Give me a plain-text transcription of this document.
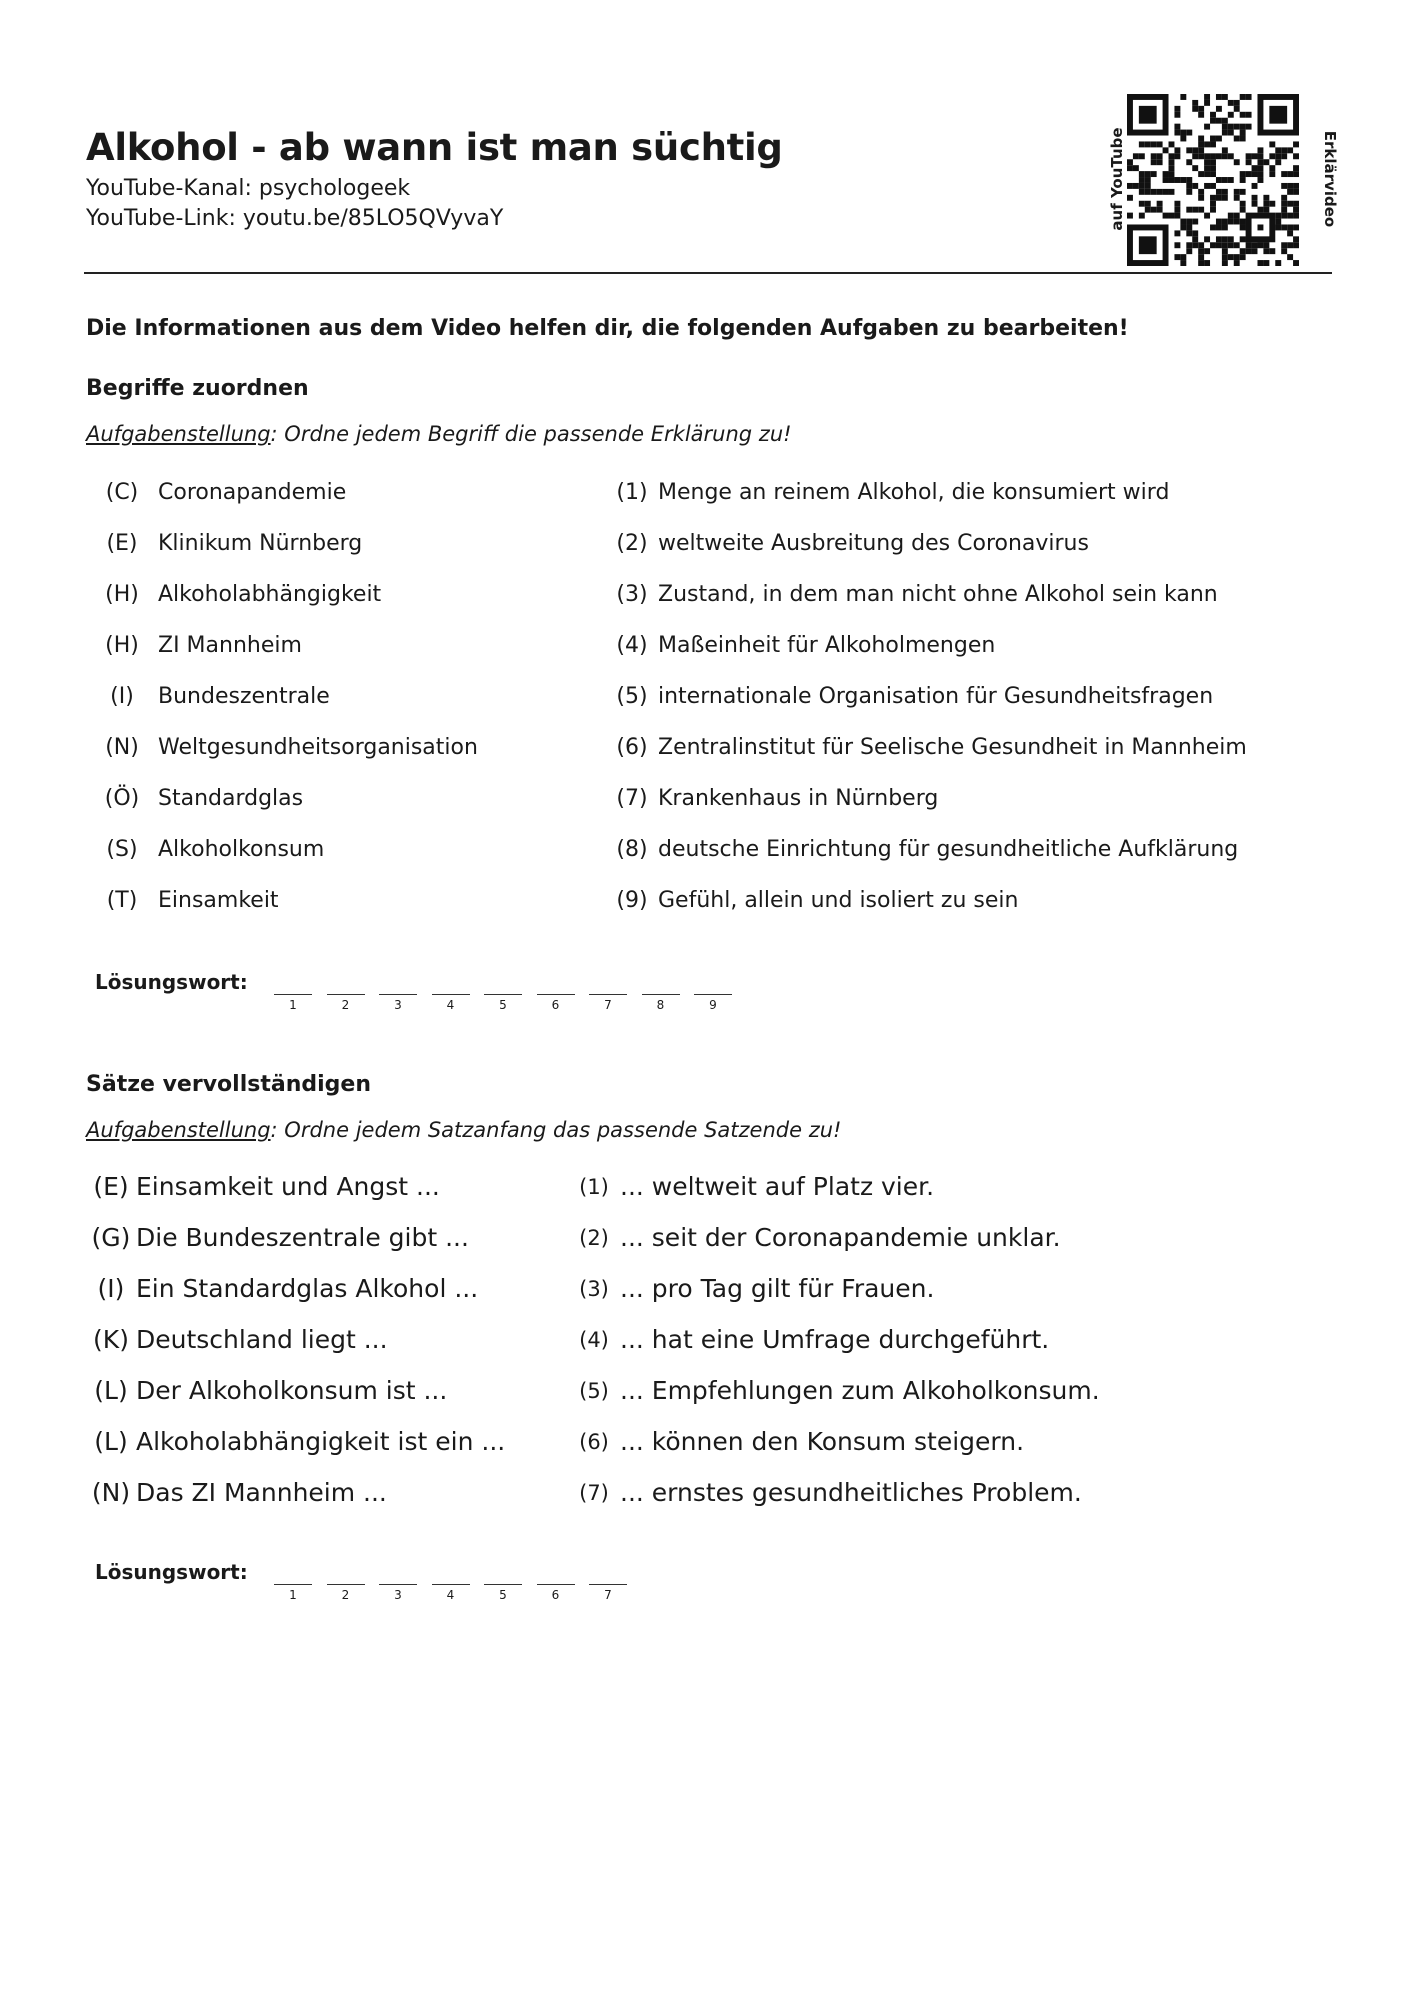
Alkohol - ab wann ist man süchtig
YouTube-Kanal: psychologeek
YouTube-Link: youtu.be/85LO5QVyvaY	auf YouTube	Erklärvideo
Die Informationen aus dem Video helfen dir, die folgenden Aufgaben zu bearbeiten!
Begriffe zuordnen
Aufgabenstellung: Ordne jedem Begriff die passende Erklärung zu!
(C) Coronapandemie	(1) Menge an reinem Alkohol, die konsumiert wird
(E) Klinikum Nürnberg	(2) weltweite Ausbreitung des Coronavirus
(H) Alkoholabhängigkeit	(3) Zustand, in dem man nicht ohne Alkohol sein kann
(H) ZI Mannheim	(4) Maßeinheit für Alkoholmengen
(I)	Bundeszentrale	(5) internationale Organisation für Gesundheitsfragen
(N) Weltgesundheitsorganisation	(6) Zentralinstitut für Seelische Gesundheit in Mannheim
(Ö) Standardglas	(7) Krankenhaus in Nürnberg
(S) Alkoholkonsum	(8) deutsche Einrichtung für gesundheitliche Aufklärung
(T) Einsamkeit	(9) Gefühl, allein und isoliert zu sein
Lösungswort:
1	2	3	4	5	6	7	8	9
Sätze vervollständigen
Aufgabenstellung: Ordne jedem Satzanfang das passende Satzende zu!
(E) Einsamkeit und Angst ...	(1) ... weltweit auf Platz vier.
(G) Die Bundeszentrale gibt ...	(2) ... seit der Coronapandemie unklar.
(I) Ein Standardglas Alkohol ...	(3) ... pro Tag gilt für Frauen.
(K) Deutschland liegt ...	(4) ... hat eine Umfrage durchgeführt.
(L) Der Alkoholkonsum ist ...	(5) ... Empfehlungen zum Alkoholkonsum.
(L) Alkoholabhängigkeit ist ein ...	(6) ... können den Konsum steigern.
(N) Das ZI Mannheim ...	(7) ... ernstes gesundheitliches Problem.
Lösungswort:
1	2	3	4	5	6	7
